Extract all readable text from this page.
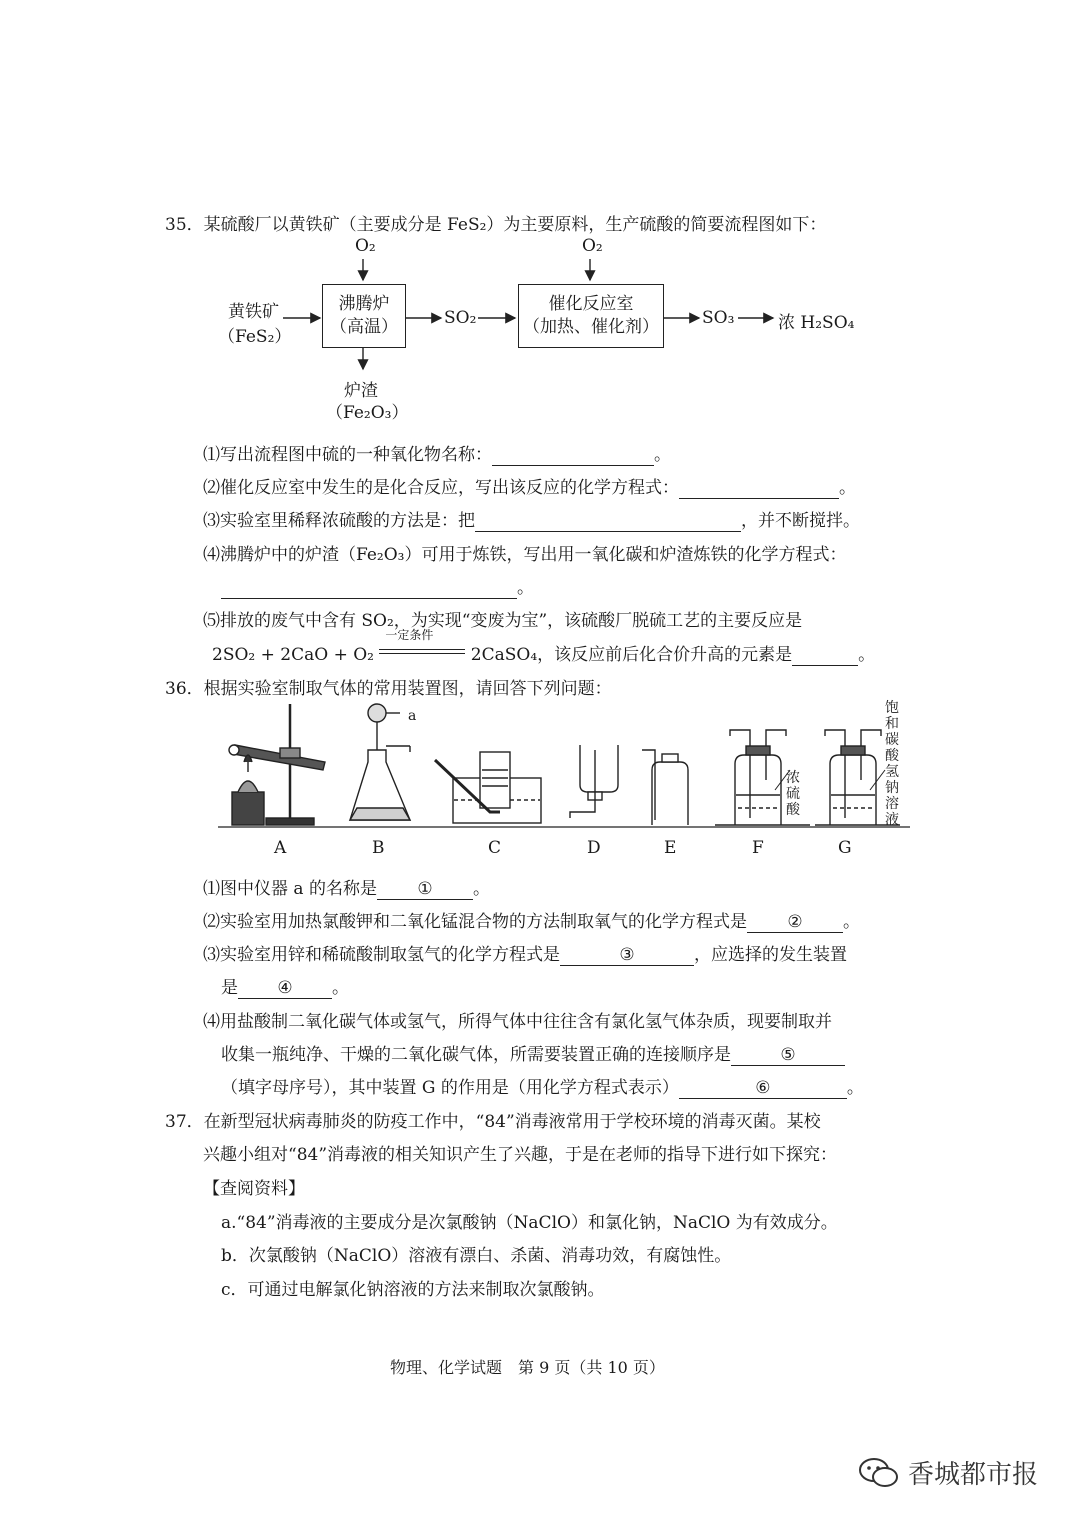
35．某硫酸厂以黄铁矿（主要成分是 FeS₂）为主要原料，生产硫酸的简要流程图如下：
O₂	O₂
黄铁矿
（FeS₂）
沸腾炉
（高温）	SO₂
催化反应室
（加热、催化剂）	SO₃	浓 H₂SO₄
炉渣
（Fe₂O₃）
⑴写出流程图中硫的一种氧化物名称：	。
⑵催化反应室中发生的是化合反应，写出该反应的化学方程式：	。
⑶实验室里稀释浓硫酸的方法是：把	，并不断搅拌。
⑷沸腾炉中的炉渣（Fe₂O₃）可用于炼铁，写出用一氧化碳和炉渣炼铁的化学方程式：
。
⑸排放的废气中含有 SO₂，为实现“变废为宝”，该硫酸厂脱硫工艺的主要反应是
2SO₂ + 2CaO + O₂
一定条件
2CaSO₄，该反应前后化合价升高的元素是	。
36．根据实验室制取气体的常用装置图，请回答下列问题：
a
浓硫酸
饱和碳酸氢钠溶液
A	B	C	D	E	F	G
⑴图中仪器 a 的名称是 ① 。
⑵实验室用加热氯酸钾和二氧化锰混合物的方法制取氧气的化学方程式是 ② 。
⑶实验室用锌和稀硫酸制取氢气的化学方程式是	③	，应选择的发生装置
是 ④ 。
⑷用盐酸制二氧化碳气体或氢气，所得气体中往往含有氯化氢气体杂质，现要制取并
收集一瓶纯净、干燥的二氧化碳气体，所需要装置正确的连接顺序是	⑤
（填字母序号），其中装置 G 的作用是（用化学方程式表示）	⑥	。
37．在新型冠状病毒肺炎的防疫工作中，“84”消毒液常用于学校环境的消毒灭菌。某校
兴趣小组对“84”消毒液的相关知识产生了兴趣，于是在老师的指导下进行如下探究：
【查阅资料】
a.“84”消毒液的主要成分是次氯酸钠（NaClO）和氯化钠，NaClO 为有效成分。
b．次氯酸钠（NaClO）溶液有漂白、杀菌、消毒功效，有腐蚀性。
c．可通过电解氯化钠溶液的方法来制取次氯酸钠。
物理、化学试题　第 9 页（共 10 页）
香城都市报
